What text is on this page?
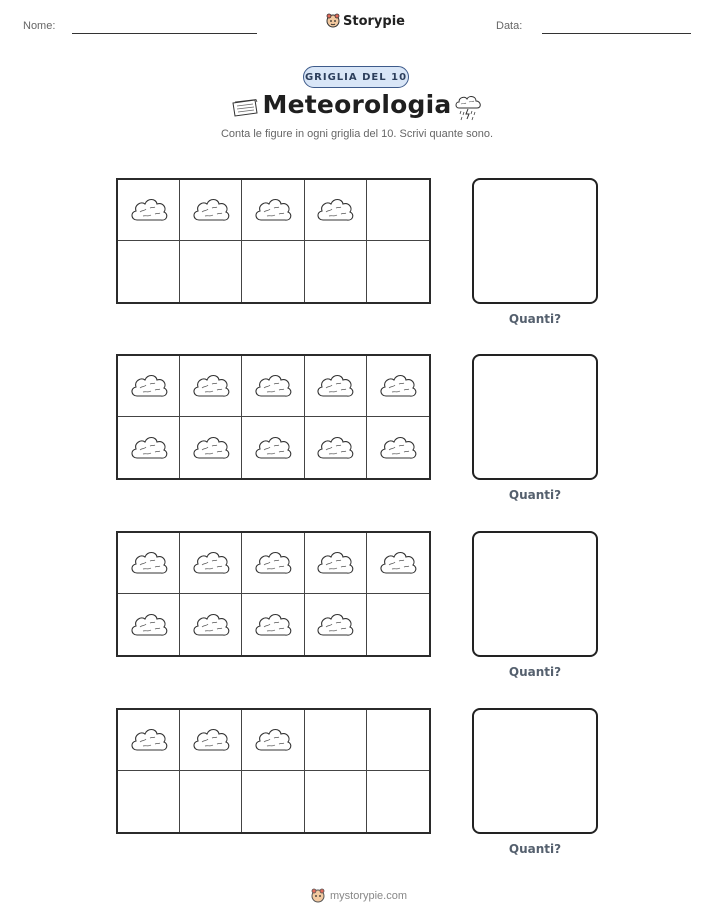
Nome:	Storypie	Data:
GRIGLIA DEL 10
Meteorologia
Conta le figure in ogni griglia del 10. Scrivi quante sono.
Quanti?
Quanti?
Quanti?
Quanti?
mystorypie.com
